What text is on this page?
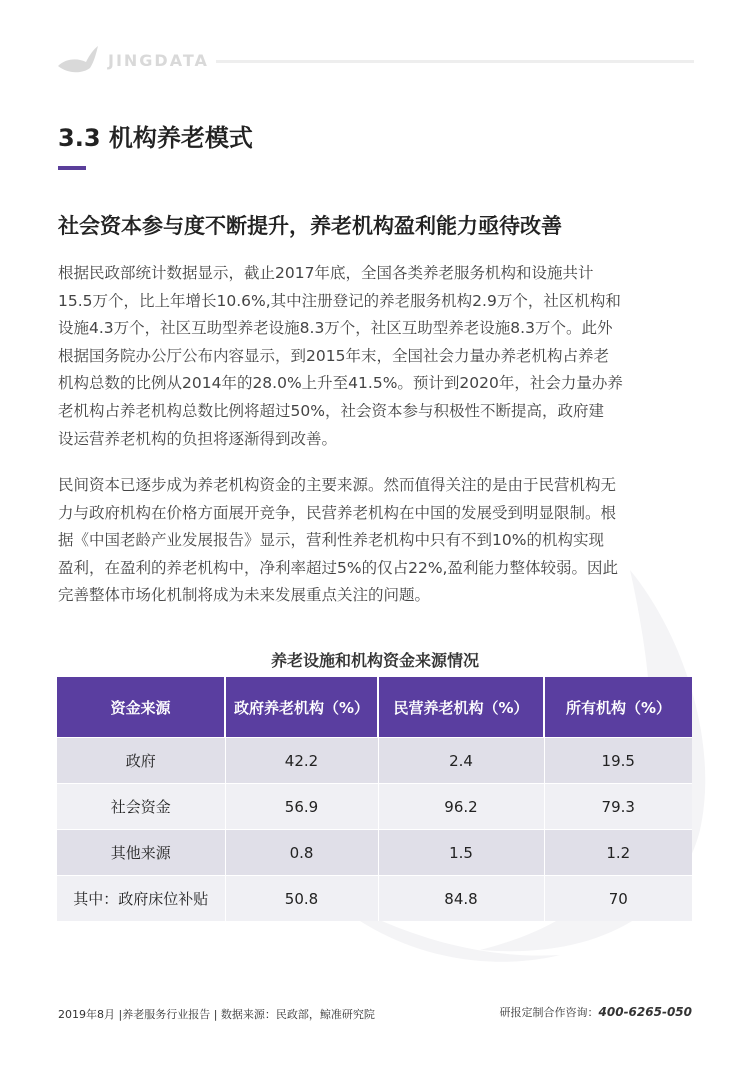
JINGDATA
3.3 机构养老模式
社会资本参与度不断提升，养老机构盈利能力亟待改善
根据民政部统计数据显示，截止2017年底，全国各类养老服务机构和设施共计
15.5万个，比上年增长10.6%,其中注册登记的养老服务机构2.9万个，社区机构和
设施4.3万个，社区互助型养老设施8.3万个，社区互助型养老设施8.3万个。此外
根据国务院办公厅公布内容显示，到2015年末，全国社会力量办养老机构占养老
机构总数的比例从2014年的28.0%上升至41.5%。预计到2020年，社会力量办养
老机构占养老机构总数比例将超过50%，社会资本参与积极性不断提高，政府建
设运营养老机构的负担将逐渐得到改善。
民间资本已逐步成为养老机构资金的主要来源。然而值得关注的是由于民营机构无
力与政府机构在价格方面展开竞争，民营养老机构在中国的发展受到明显限制。根
据《中国老龄产业发展报告》显示，营利性养老机构中只有不到10%的机构实现
盈利，在盈利的养老机构中，净利率超过5%的仅占22%,盈利能力整体较弱。因此
完善整体市场化机制将成为未来发展重点关注的问题。
养老设施和机构资金来源情况
资金来源	政府养老机构（%）	民营养老机构（%）	所有机构（%）
政府	42.2	2.4	19.5
社会资金	56.9	96.2	79.3
其他来源	0.8	1.5	1.2
其中：政府床位补贴	50.8	84.8	70
2019年8月 |养老服务行业报告 | 数据来源：民政部，鲸准研究院	研报定制合作咨询：400-6265-050
